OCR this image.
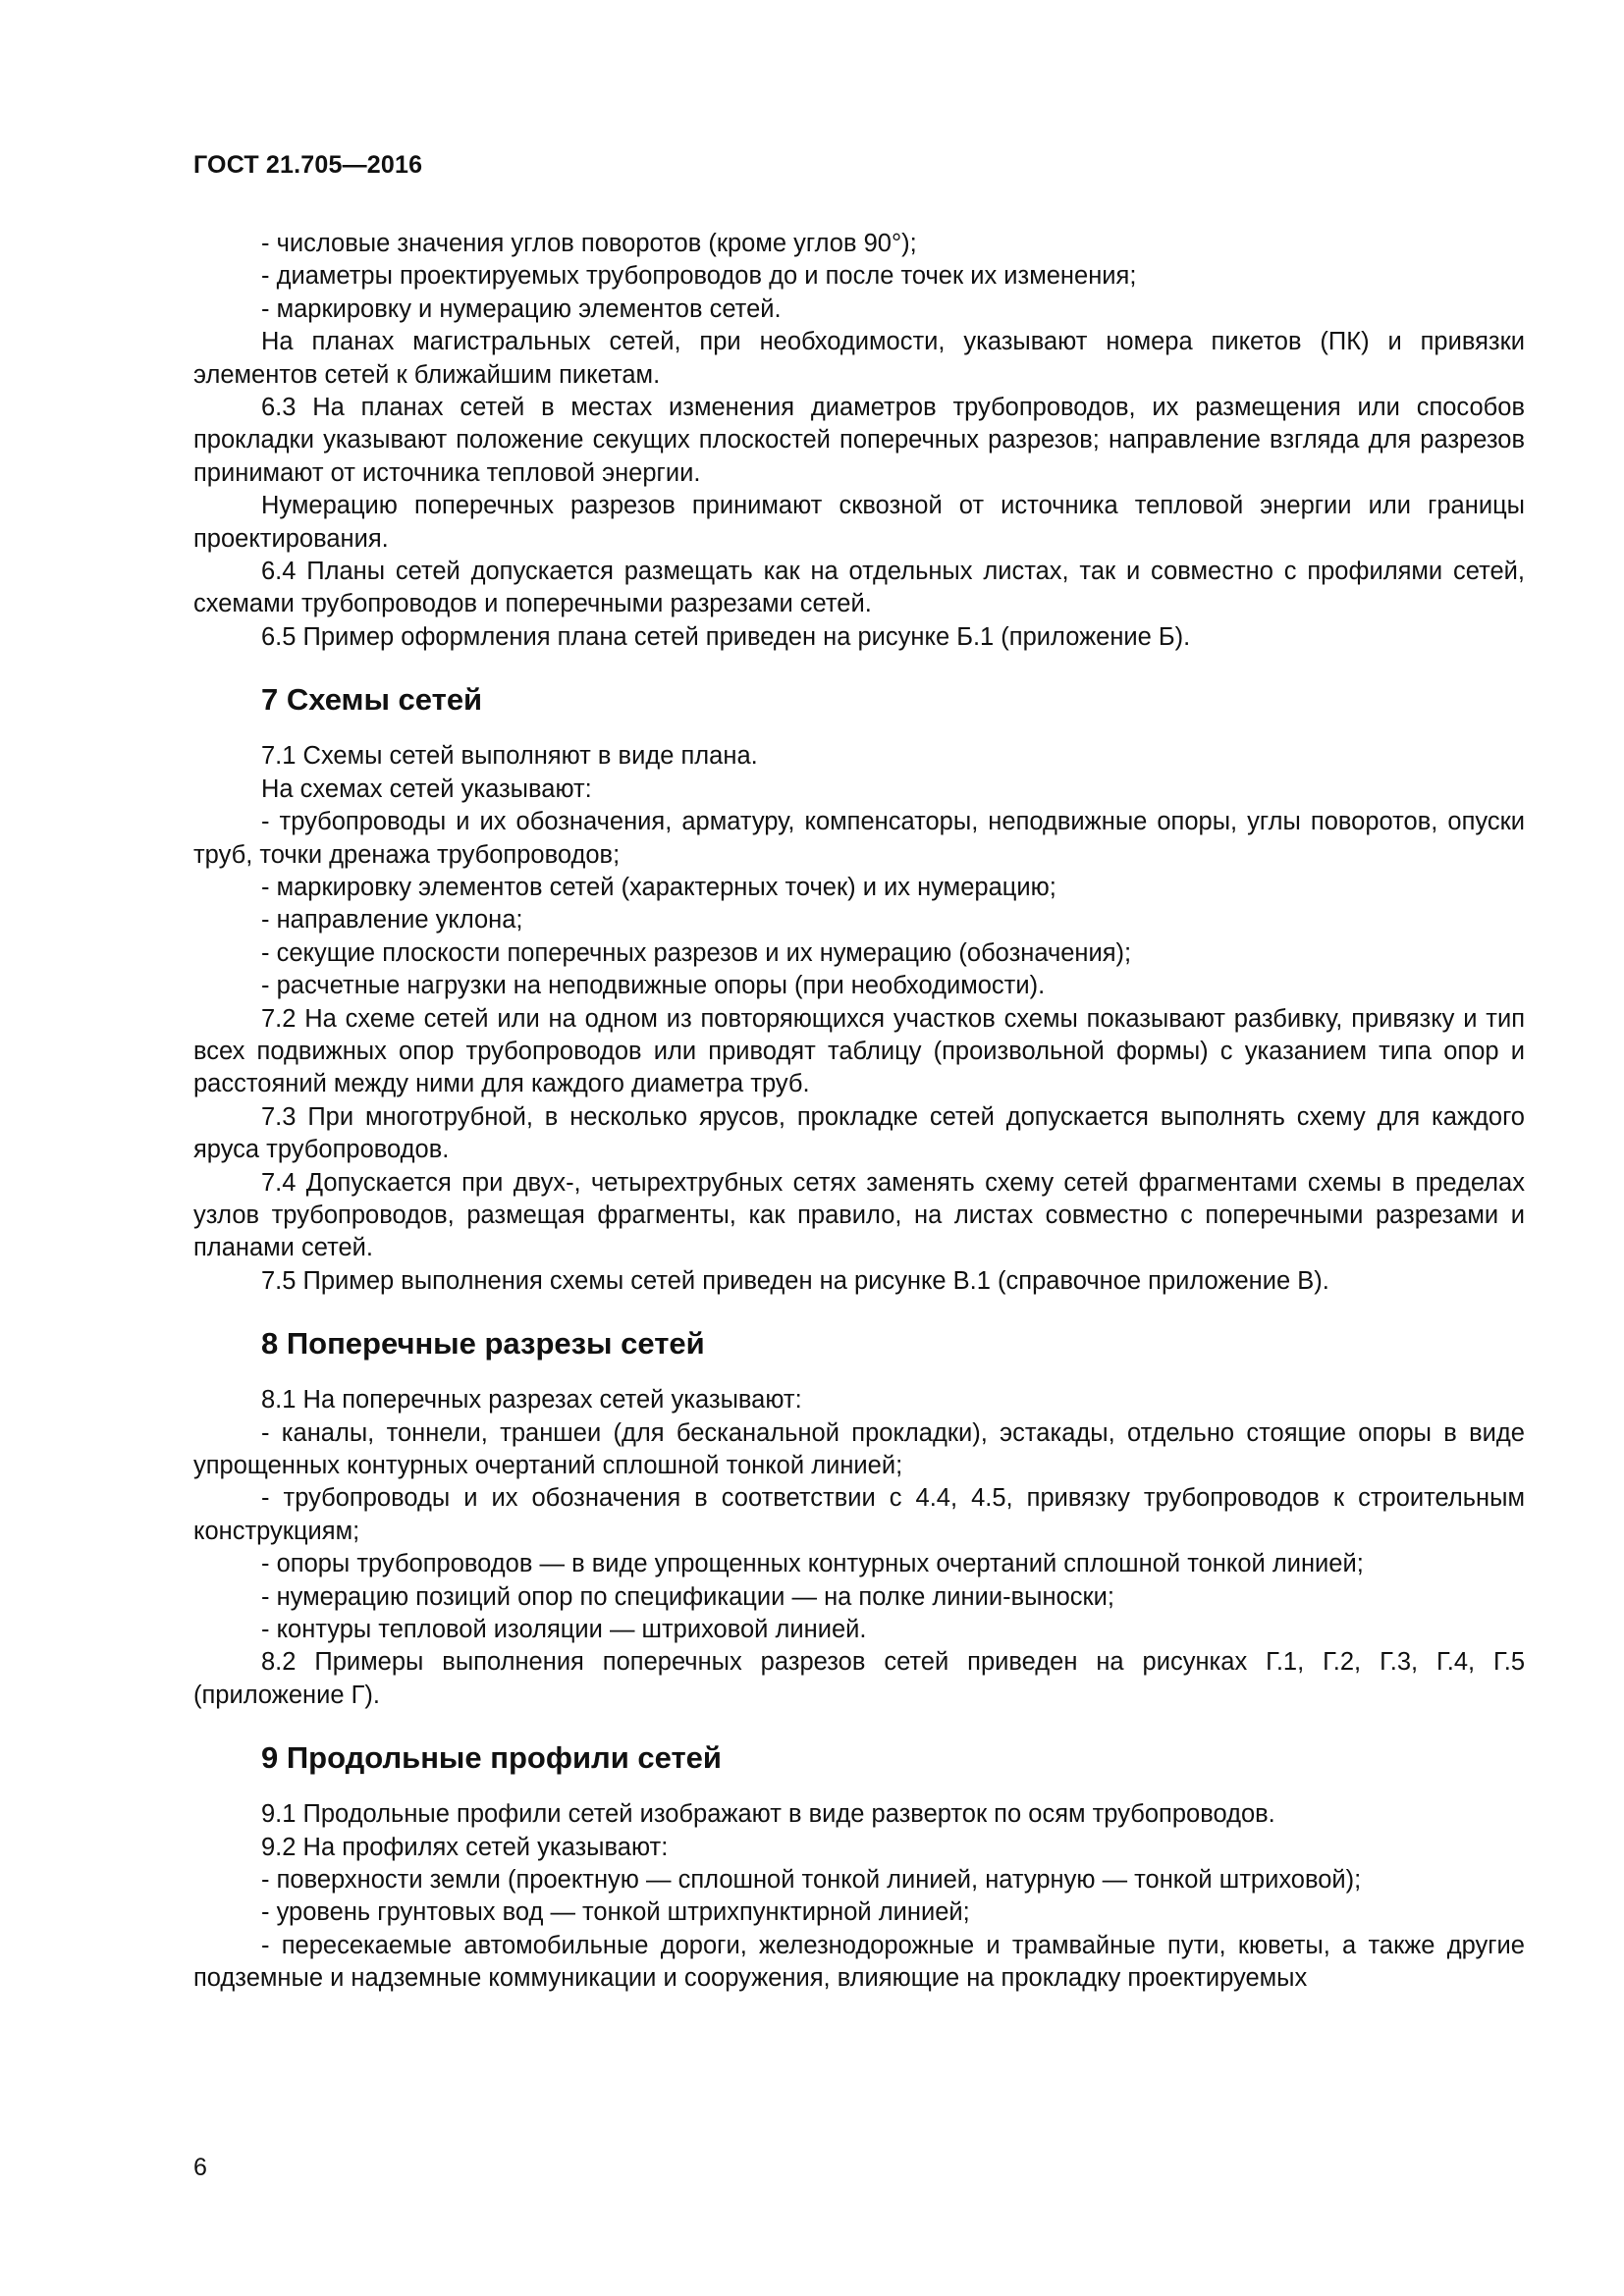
ГОСТ 21.705—2016

- числовые значения углов поворотов (кроме углов 90°);

- диаметры проектируемых трубопроводов до и после точек их изменения;

- маркировку и нумерацию элементов сетей.

На планах магистральных сетей, при необходимости, указывают номера пикетов (ПК) и привязки элементов сетей к ближайшим пикетам.

6.3 На планах сетей в местах изменения диаметров трубопроводов, их размещения или способов прокладки указывают положение секущих плоскостей поперечных разрезов; направление взгляда для разрезов принимают от источника тепловой энергии.

Нумерацию поперечных разрезов принимают сквозной от источника тепловой энергии или границы проектирования.

6.4 Планы сетей допускается размещать как на отдельных листах, так и совместно с профилями сетей, схемами трубопроводов и поперечными разрезами сетей.

6.5 Пример оформления плана сетей приведен на рисунке Б.1 (приложение Б).

7 Схемы сетей

7.1 Схемы сетей выполняют в виде плана.

На схемах сетей указывают:

- трубопроводы и их обозначения, арматуру, компенсаторы, неподвижные опоры, углы поворотов, опуски труб, точки дренажа трубопроводов;

- маркировку элементов сетей (характерных точек) и их нумерацию;

- направление уклона;

- секущие плоскости поперечных разрезов и их нумерацию (обозначения);

- расчетные нагрузки на неподвижные опоры (при необходимости).

7.2 На схеме сетей или на одном из повторяющихся участков схемы показывают разбивку, привязку и тип всех подвижных опор трубопроводов или приводят таблицу (произвольной формы) с указанием типа опор и расстояний между ними для каждого диаметра труб.

7.3 При многотрубной, в несколько ярусов, прокладке сетей допускается выполнять схему для каждого яруса трубопроводов.

7.4 Допускается при двух-, четырехтрубных сетях заменять схему сетей фрагментами схемы в пределах узлов трубопроводов, размещая фрагменты, как правило, на листах совместно с поперечными разрезами и планами сетей.

7.5 Пример выполнения схемы сетей приведен на рисунке В.1 (справочное приложение В).

8 Поперечные разрезы сетей

8.1 На поперечных разрезах сетей указывают:

- каналы, тоннели, траншеи (для бесканальной прокладки), эстакады, отдельно стоящие опоры в виде упрощенных контурных очертаний сплошной тонкой линией;

- трубопроводы и их обозначения в соответствии с 4.4, 4.5, привязку трубопроводов к строительным конструкциям;

- опоры трубопроводов — в виде упрощенных контурных очертаний сплошной тонкой линией;

- нумерацию позиций опор по спецификации — на полке линии-выноски;

- контуры тепловой изоляции — штриховой линией.

8.2 Примеры выполнения поперечных разрезов сетей приведен на рисунках Г.1, Г.2, Г.3, Г.4, Г.5 (приложение Г).

9 Продольные профили сетей

9.1 Продольные профили сетей изображают в виде разверток по осям трубопроводов.

9.2 На профилях сетей указывают:

- поверхности земли (проектную — сплошной тонкой линией, натурную — тонкой штриховой);

- уровень грунтовых вод — тонкой штрихпунктирной линией;

- пересекаемые автомобильные дороги, железнодорожные и трамвайные пути, кюветы, а также другие подземные и надземные коммуникации и сооружения, влияющие на прокладку проектируемых

6
